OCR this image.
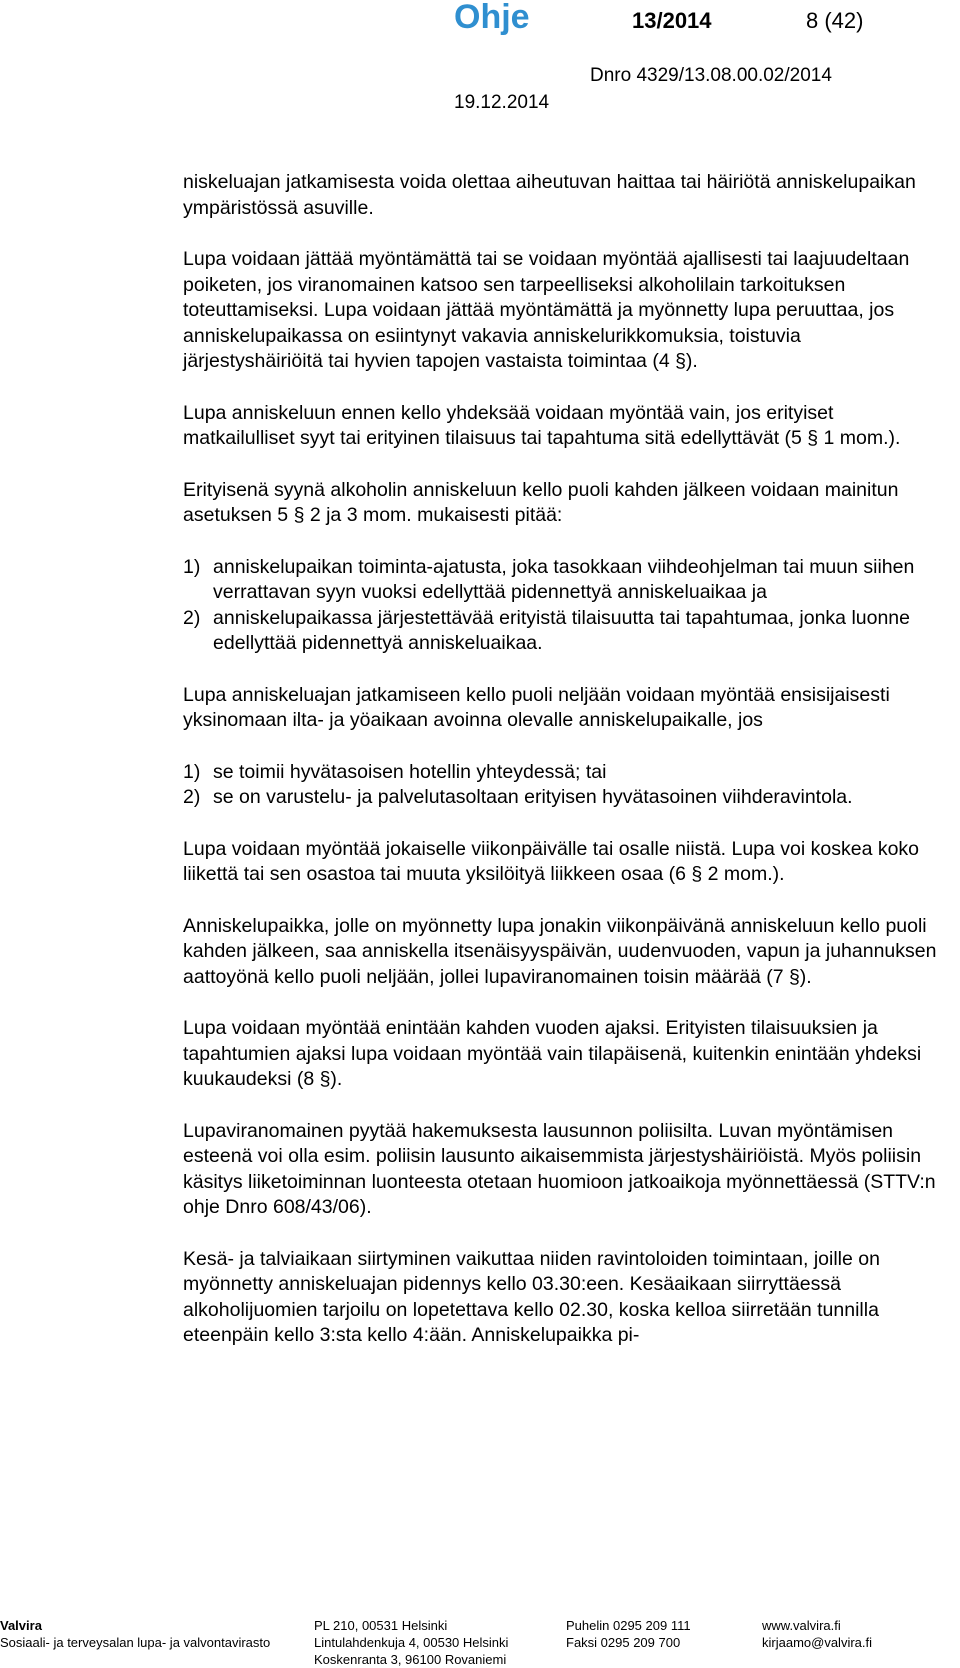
Ohje	13/2014	8 (42)
Dnro 4329/13.08.00.02/2014
19.12.2014

niskeluajan jatkamisesta voida olettaa aiheutuvan haittaa tai häiriötä anniskelupaikan ympäristössä asuville.

Lupa voidaan jättää myöntämättä tai se voidaan myöntää ajallisesti tai laajuudeltaan poiketen, jos viranomainen katsoo sen tarpeelliseksi alkoholilain tarkoituksen toteuttamiseksi. Lupa voidaan jättää myöntämättä ja myönnetty lupa peruuttaa, jos anniskelupaikassa on esiintynyt vakavia anniskelurikkomuksia, toistuvia järjestyshäiriöitä tai hyvien tapojen vastaista toimintaa (4 §).

Lupa anniskeluun ennen kello yhdeksää voidaan myöntää vain, jos erityiset matkailulliset syyt tai erityinen tilaisuus tai tapahtuma sitä edellyttävät (5 § 1 mom.).

Erityisenä syynä alkoholin anniskeluun kello puoli kahden jälkeen voidaan mainitun asetuksen 5 § 2 ja 3 mom. mukaisesti pitää:

1) anniskelupaikan toiminta-ajatusta, joka tasokkaan viihdeohjelman tai muun siihen verrattavan syyn vuoksi edellyttää pidennettyä anniskeluaikaa ja
2) anniskelupaikassa järjestettävää erityistä tilaisuutta tai tapahtumaa, jonka luonne edellyttää pidennettyä anniskeluaikaa.

Lupa anniskeluajan jatkamiseen kello puoli neljään voidaan myöntää ensisijaisesti yksinomaan ilta- ja yöaikaan avoinna olevalle anniskelupaikalle, jos

1) se toimii hyvätasoisen hotellin yhteydessä; tai
2) se on varustelu- ja palvelutasoltaan erityisen hyvätasoinen viihderavintola.

Lupa voidaan myöntää jokaiselle viikonpäivälle tai osalle niistä. Lupa voi koskea koko liikettä tai sen osastoa tai muuta yksilöityä liikkeen osaa (6 § 2 mom.).

Anniskelupaikka, jolle on myönnetty lupa jonakin viikonpäivänä anniskeluun kello puoli kahden jälkeen, saa anniskella itsenäisyyspäivän, uudenvuoden, vapun ja juhannuksen aattoyönä kello puoli neljään, jollei lupaviranomainen toisin määrää (7 §).

Lupa voidaan myöntää enintään kahden vuoden ajaksi. Erityisten tilaisuuksien ja tapahtumien ajaksi lupa voidaan myöntää vain tilapäisenä, kuitenkin enintään yhdeksi kuukaudeksi (8 §).

Lupaviranomainen pyytää hakemuksesta lausunnon poliisilta. Luvan myöntämisen esteenä voi olla esim. poliisin lausunto aikaisemmista järjestyshäiriöistä. Myös poliisin käsitys liiketoiminnan luonteesta otetaan huomioon jatkoaikoja myönnettäessä (STTV:n ohje Dnro 608/43/06).

Kesä- ja talviaikaan siirtyminen vaikuttaa niiden ravintoloiden toimintaan, joille on myönnetty anniskeluajan pidennys kello 03.30:een. Kesäaikaan siirryttäessä alkoholijuomien tarjoilu on lopetettava kello 02.30, koska kelloa siirretään tunnilla eteenpäin kello 3:sta kello 4:ään. Anniskelupaikka pi-

Valvira
Sosiaali- ja terveysalan lupa- ja valvontavirasto
PL 210, 00531 Helsinki
Lintulahdenkuja 4, 00530 Helsinki
Koskenranta 3, 96100 Rovaniemi
Puhelin 0295 209 111
Faksi 0295 209 700
www.valvira.fi
kirjaamo@valvira.fi
